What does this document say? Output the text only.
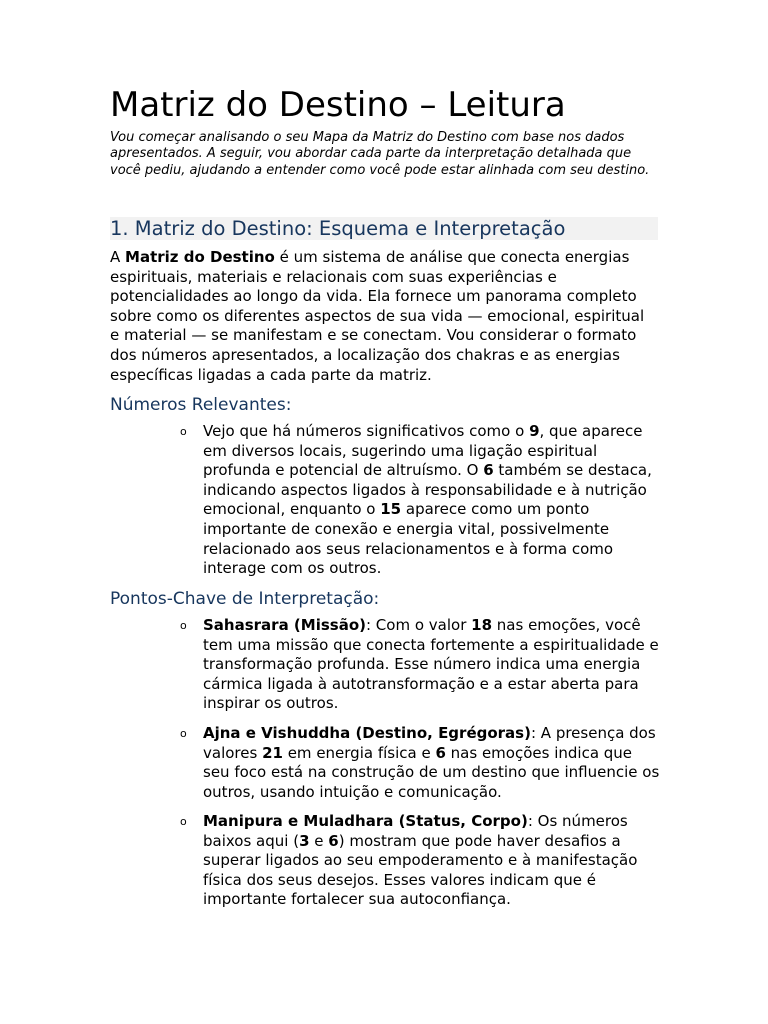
Matriz do Destino – Leitura

Vou começar analisando o seu Mapa da Matriz do Destino com base nos dados apresentados. A seguir, vou abordar cada parte da interpretação detalhada que você pediu, ajudando a entender como você pode estar alinhada com seu destino.

1. Matriz do Destino: Esquema e Interpretação

A Matriz do Destino é um sistema de análise que conecta energias espirituais, materiais e relacionais com suas experiências e potencialidades ao longo da vida. Ela fornece um panorama completo sobre como os diferentes aspectos de sua vida — emocional, espiritual e material — se manifestam e se conectam. Vou considerar o formato dos números apresentados, a localização dos chakras e as energias específicas ligadas a cada parte da matriz.

Números Relevantes:
o Vejo que há números significativos como o 9, que aparece em diversos locais, sugerindo uma ligação espiritual profunda e potencial de altruísmo. O 6 também se destaca, indicando aspectos ligados à responsabilidade e à nutrição emocional, enquanto o 15 aparece como um ponto importante de conexão e energia vital, possivelmente relacionado aos seus relacionamentos e à forma como interage com os outros.
Pontos-Chave de Interpretação:
o Sahasrara (Missão): Com o valor 18 nas emoções, você tem uma missão que conecta fortemente a espiritualidade e transformação profunda. Esse número indica uma energia cármica ligada à autotransformação e a estar aberta para inspirar os outros.
o Ajna e Vishuddha (Destino, Egrégoras): A presença dos valores 21 em energia física e 6 nas emoções indica que seu foco está na construção de um destino que influencie os outros, usando intuição e comunicação.
o Manipura e Muladhara (Status, Corpo): Os números baixos aqui (3 e 6) mostram que pode haver desafios a superar ligados ao seu empoderamento e à manifestação física dos seus desejos. Esses valores indicam que é importante fortalecer sua autoconfiança.
